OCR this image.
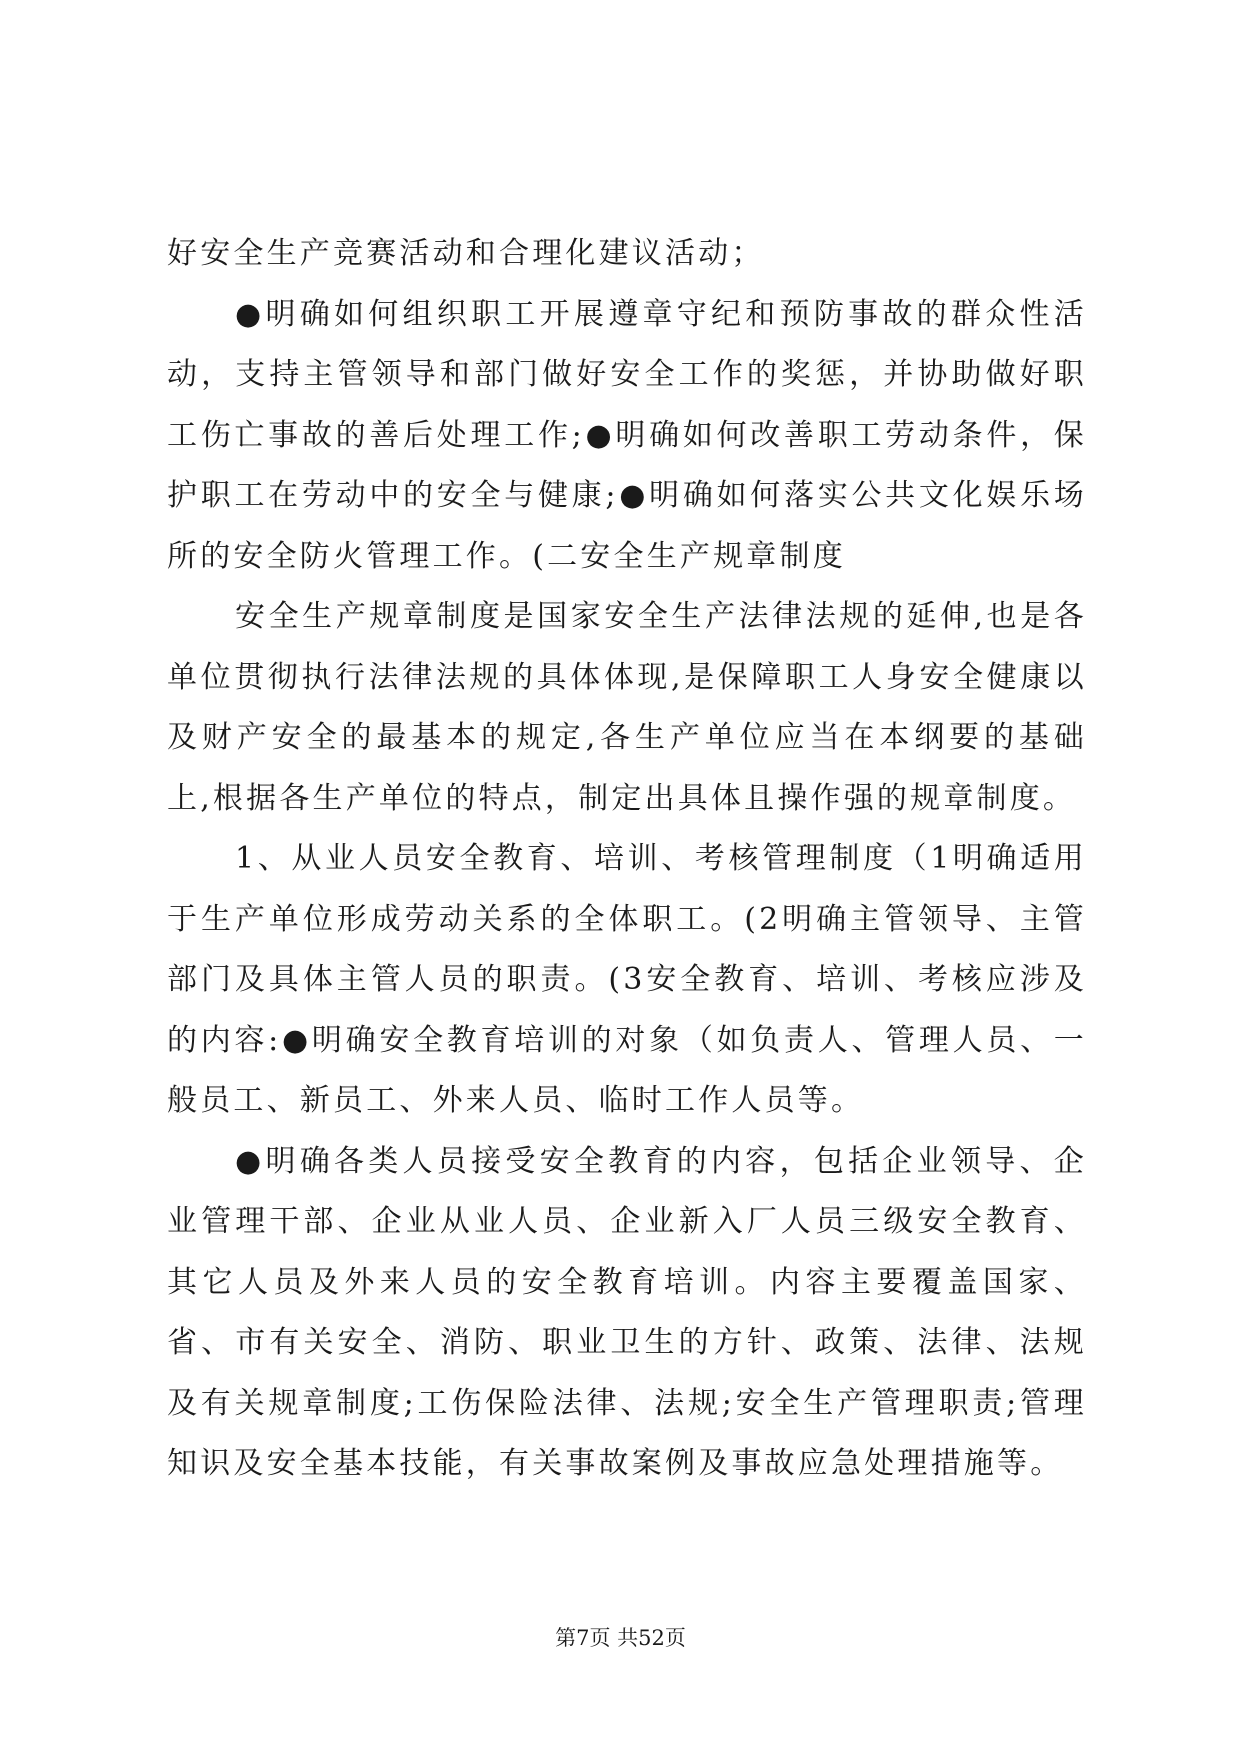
好安全生产竞赛活动和合理化建议活动；

●明确如何组织职工开展遵章守纪和预防事故的群众性活动，支持主管领导和部门做好安全工作的奖惩，并协助做好职工伤亡事故的善后处理工作;●明确如何改善职工劳动条件，保护职工在劳动中的安全与健康;●明确如何落实公共文化娱乐场所的安全防火管理工作。(二安全生产规章制度

安全生产规章制度是国家安全生产法律法规的延伸,也是各单位贯彻执行法律法规的具体体现,是保障职工人身安全健康以及财产安全的最基本的规定,各生产单位应当在本纲要的基础上,根据各生产单位的特点，制定出具体且操作强的规章制度。

1、从业人员安全教育、培训、考核管理制度（1明确适用于生产单位形成劳动关系的全体职工。(2明确主管领导、主管部门及具体主管人员的职责。(3安全教育、培训、考核应涉及的内容:●明确安全教育培训的对象（如负责人、管理人员、一般员工、新员工、外来人员、临时工作人员等。

●明确各类人员接受安全教育的内容，包括企业领导、企业管理干部、企业从业人员、企业新入厂人员三级安全教育、其它人员及外来人员的安全教育培训。内容主要覆盖国家、省、市有关安全、消防、职业卫生的方针、政策、法律、法规及有关规章制度;工伤保险法律、法规;安全生产管理职责;管理知识及安全基本技能，有关事故案例及事故应急处理措施等。

第7页 共52页
